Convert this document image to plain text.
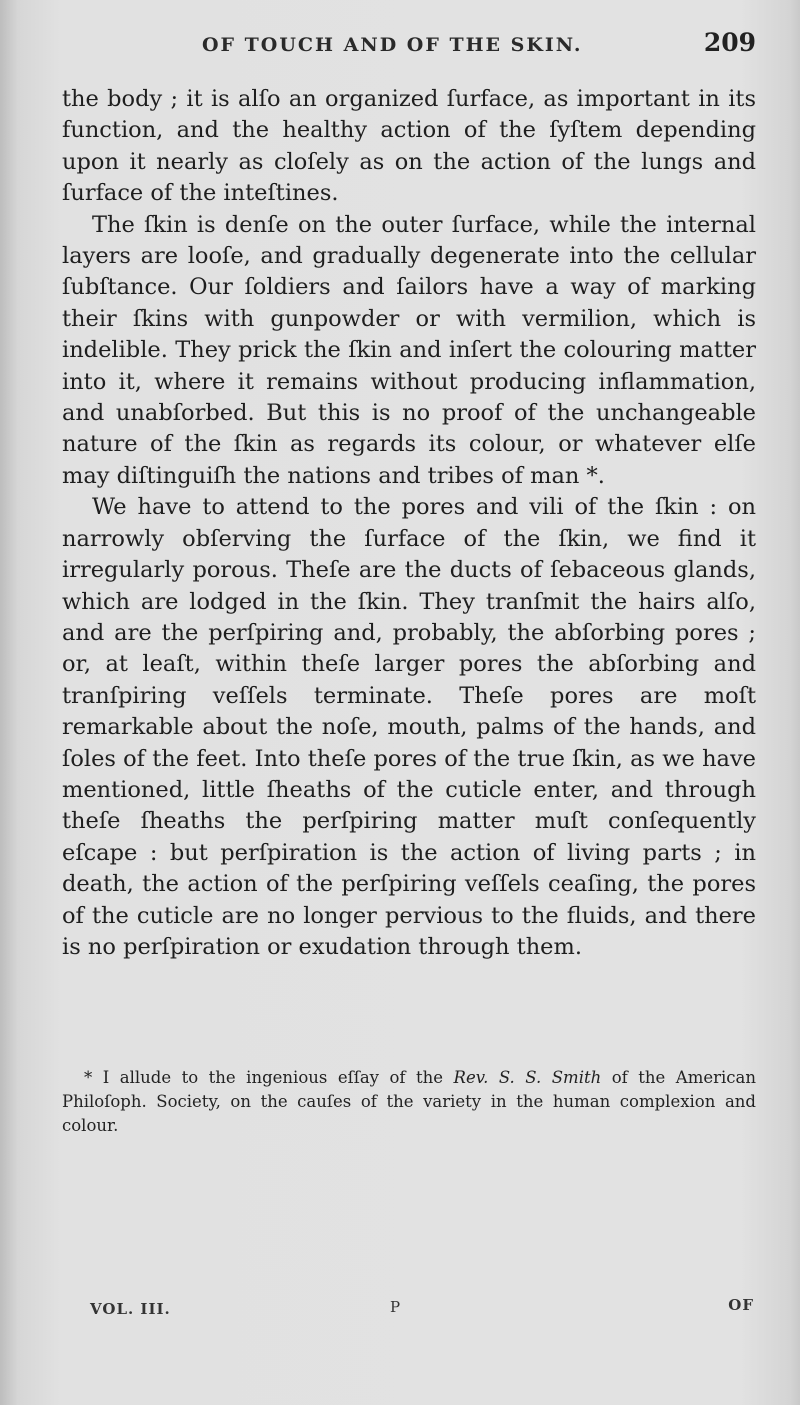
OF TOUCH AND OF THE SKIN.	209

the body ; it is alſo an organized ſurface, as important in its function, and the healthy action of the ſyſtem depending upon it nearly as cloſely as on the action of the lungs and ſurface of the inteſtines.

The ſkin is denſe on the outer ſurface, while the internal layers are looſe, and gradually degenerate into the cellular ſubſtance. Our ſoldiers and ſailors have a way of marking their ſkins with gunpowder or with vermilion, which is indelible. They prick the ſkin and inſert the colouring matter into it, where it remains without producing inflammation, and unabſorbed. But this is no proof of the unchangeable nature of the ſkin as regards its colour, or whatever elſe may diſtinguiſh the nations and tribes of man *.

We have to attend to the pores and vili of the ſkin : on narrowly obſerving the ſurface of the ſkin, we find it irregularly porous. Theſe are the ducts of ſebaceous glands, which are lodged in the ſkin. They tranſmit the hairs alſo, and are the perſpiring and, probably, the abſorbing pores ; or, at leaſt, within theſe larger pores the abſorbing and tranſpiring veſſels terminate. Theſe pores are moſt remarkable about the noſe, mouth, palms of the hands, and ſoles of the feet. Into theſe pores of the true ſkin, as we have mentioned, little ſheaths of the cuticle enter, and through theſe ſheaths the perſpiring matter muſt conſequently eſcape : but perſpiration is the action of living parts ; in death, the action of the perſpiring veſſels ceaſing, the pores of the cuticle are no longer pervious to the fluids, and there is no perſpiration or exudation through them.

* I allude to the ingenious eſſay of the Rev. S. S. Smith of the American Philoſoph. Society, on the cauſes of the variety in the human complexion and colour.

VOL. III.	P	OF
